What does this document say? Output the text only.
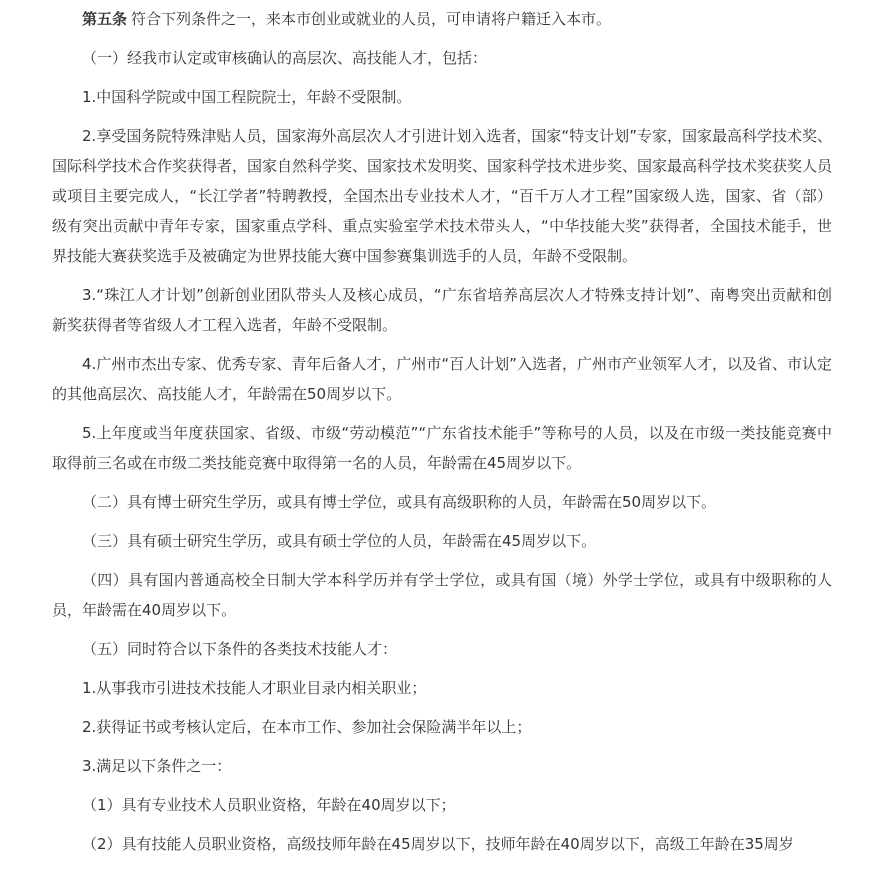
第五条 符合下列条件之一，来本市创业或就业的人员，可申请将户籍迁入本市。

（一）经我市认定或审核确认的高层次、高技能人才，包括：

1.中国科学院或中国工程院院士，年龄不受限制。

2.享受国务院特殊津贴人员，国家海外高层次人才引进计划入选者，国家“特支计划”专家，国家最高科学技术奖、国际科学技术合作奖获得者，国家自然科学奖、国家技术发明奖、国家科学技术进步奖、国家最高科学技术奖获奖人员或项目主要完成人，“长江学者”特聘教授，全国杰出专业技术人才，“百千万人才工程”国家级人选，国家、省（部）级有突出贡献中青年专家，国家重点学科、重点实验室学术技术带头人，“中华技能大奖”获得者，全国技术能手，世界技能大赛获奖选手及被确定为世界技能大赛中国参赛集训选手的人员，年龄不受限制。

3.“珠江人才计划”创新创业团队带头人及核心成员，“广东省培养高层次人才特殊支持计划”、南粤突出贡献和创新奖获得者等省级人才工程入选者，年龄不受限制。

4.广州市杰出专家、优秀专家、青年后备人才，广州市“百人计划”入选者，广州市产业领军人才，以及省、市认定的其他高层次、高技能人才，年龄需在50周岁以下。

5.上年度或当年度获国家、省级、市级“劳动模范”“广东省技术能手”等称号的人员，以及在市级一类技能竞赛中取得前三名或在市级二类技能竞赛中取得第一名的人员，年龄需在45周岁以下。

（二）具有博士研究生学历，或具有博士学位，或具有高级职称的人员，年龄需在50周岁以下。

（三）具有硕士研究生学历，或具有硕士学位的人员，年龄需在45周岁以下。

（四）具有国内普通高校全日制大学本科学历并有学士学位，或具有国（境）外学士学位，或具有中级职称的人员，年龄需在40周岁以下。

（五）同时符合以下条件的各类技术技能人才：

1.从事我市引进技术技能人才职业目录内相关职业；

2.获得证书或考核认定后，在本市工作、参加社会保险满半年以上；

3.满足以下条件之一：

（1）具有专业技术人员职业资格，年龄在40周岁以下；

（2）具有技能人员职业资格，高级技师年龄在45周岁以下，技师年龄在40周岁以下，高级工年龄在35周岁
